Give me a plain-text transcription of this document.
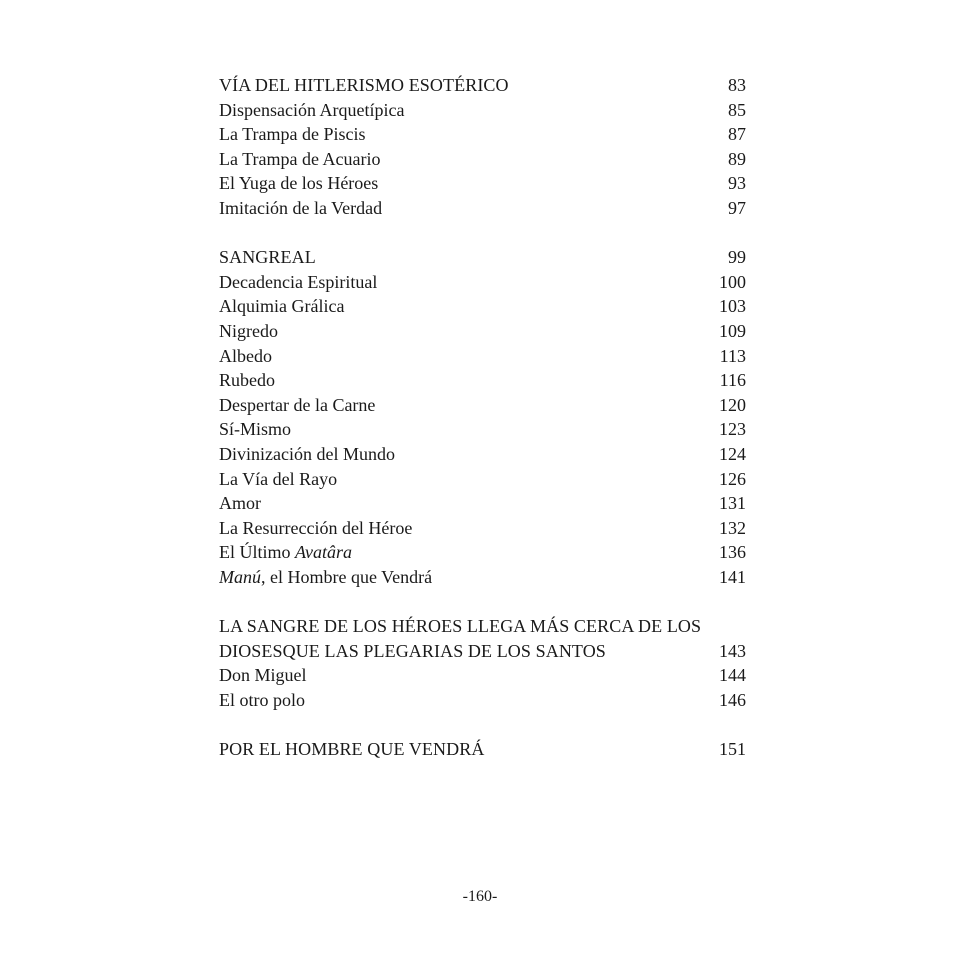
VÍA DEL HITLERISMO ESOTÉRICO	83
Dispensación Arquetípica	85
La Trampa de Piscis	87
La Trampa de Acuario	89
El Yuga de los Héroes	93
Imitación de la Verdad	97
SANGREAL	99
Decadencia Espiritual	100
Alquimia Grálica	103
Nigredo	109
Albedo	113
Rubedo	116
Despertar de la Carne	120
Sí-Mismo	123
Divinización del Mundo	124
La Vía del Rayo	126
Amor	131
La Resurrección del Héroe	132
El Último Avatâra	136
Manú, el Hombre que Vendrá	141
LA SANGRE DE LOS HÉROES LLEGA MÁS CERCA DE LOS
DIOSESQUE LAS PLEGARIAS DE LOS SANTOS	143
Don Miguel	144
El otro polo	146
POR EL HOMBRE QUE VENDRÁ	151
-160-
